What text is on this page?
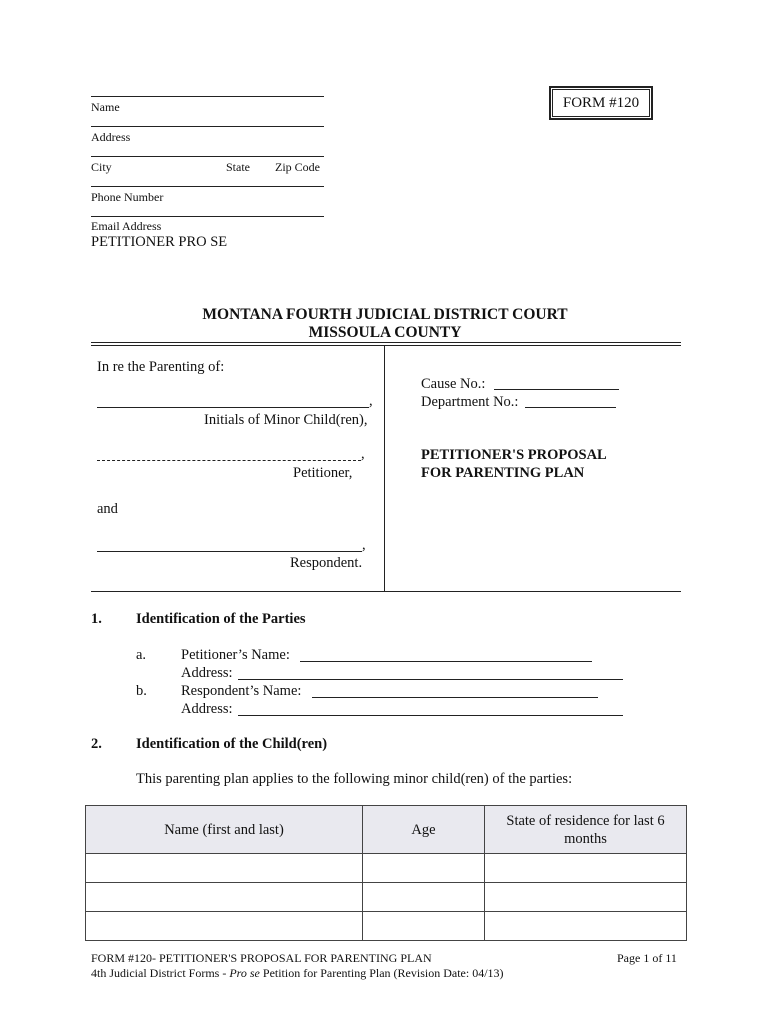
Name
Address
City	State Zip Code
Phone Number
Email Address
PETITIONER PRO SE
FORM #120
MONTANA FOURTH JUDICIAL DISTRICT COURT
MISSOULA COUNTY
In re the Parenting of:
,
Initials of Minor Child(ren),
,
Petitioner,
and
,
Respondent.
Cause No.:
Department No.:
PETITIONER'S PROPOSAL
FOR PARENTING PLAN
1. Identification of the Parties
a. Petitioner’s Name:
Address:
b. Respondent’s Name:
Address:
2. Identification of the Child(ren)
This parenting plan applies to the following minor child(ren) of the parties:
Name (first and last)	Age	State of residence for last 6 months

FORM #120- PETITIONER'S PROPOSAL FOR PARENTING PLAN	Page 1 of 11
4th Judicial District Forms - Pro se Petition for Parenting Plan (Revision Date: 04/13)
